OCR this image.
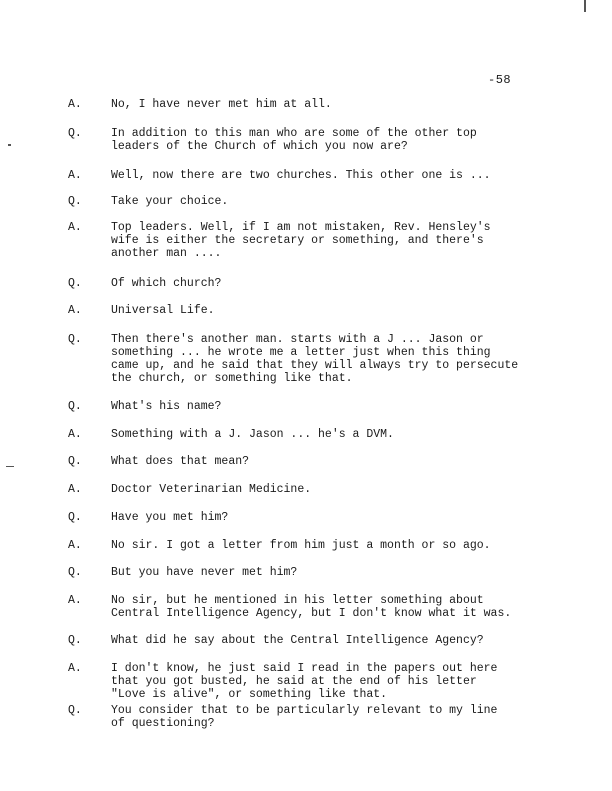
-58
A.	No, I have never met him at all.
Q.	In addition to this man who are some of the other top
leaders of the Church of which you now are?
A.	Well, now there are two churches. This other one is ...
Q.	Take your choice.
A.	Top leaders. Well, if I am not mistaken, Rev. Hensley's
wife is either the secretary or something, and there's
another man ....
Q.	Of which church?
A.	Universal Life.
Q.	Then there's another man. starts with a J ... Jason or
something ... he wrote me a letter just when this thing
came up, and he said that they will always try to persecute
the church, or something like that.
Q.	What's his name?
A.	Something with a J. Jason ... he's a DVM.
Q.	What does that mean?
A.	Doctor Veterinarian Medicine.
Q.	Have you met him?
A.	No sir. I got a letter from him just a month or so ago.
Q.	But you have never met him?
A.	No sir, but he mentioned in his letter something about
Central Intelligence Agency, but I don't know what it was.
Q.	What did he say about the Central Intelligence Agency?
A.	I don't know, he just said I read in the papers out here
that you got busted, he said at the end of his letter
"Love is alive", or something like that.
Q.	You consider that to be particularly relevant to my line
of questioning?
